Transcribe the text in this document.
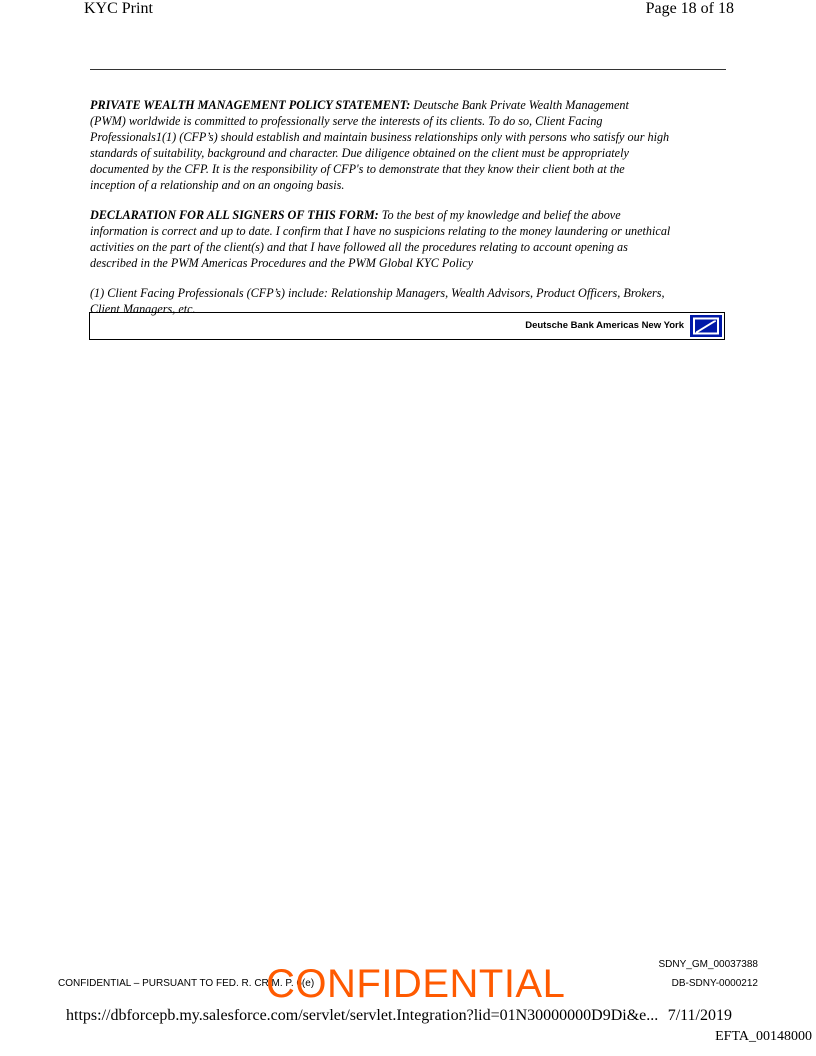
KYC Print	Page 18 of 18
PRIVATE WEALTH MANAGEMENT POLICY STATEMENT: Deutsche Bank Private Wealth Management
(PWM) worldwide is committed to professionally serve the interests of its clients. To do so, Client Facing
Professionals1(1) (CFP’s) should establish and maintain business relationships only with persons who satisfy our high
standards of suitability, background and character. Due diligence obtained on the client must be appropriately
documented by the CFP. It is the responsibility of CFP's to demonstrate that they know their client both at the
inception of a relationship and on an ongoing basis.
DECLARATION FOR ALL SIGNERS OF THIS FORM: To the best of my knowledge and belief the above
information is correct and up to date. I confirm that I have no suspicions relating to the money laundering or unethical
activities on the part of the client(s) and that I have followed all the procedures relating to account opening as
described in the PWM Americas Procedures and the PWM Global KYC Policy
(1) Client Facing Professionals (CFP’s) include: Relationship Managers, Wealth Advisors, Product Officers, Brokers,
Client Managers, etc.
Deutsche Bank Americas New York
SDNY_GM_00037388
CONFIDENTIAL – PURSUANT TO FED. R. CRIM. P. 6(e)
CONFIDENTIAL	DB-SDNY-0000212
https://dbforcepb.my.salesforce.com/servlet/servlet.Integration?lid=01N30000000D9Di&e... 7/11/2019
EFTA_00148000
